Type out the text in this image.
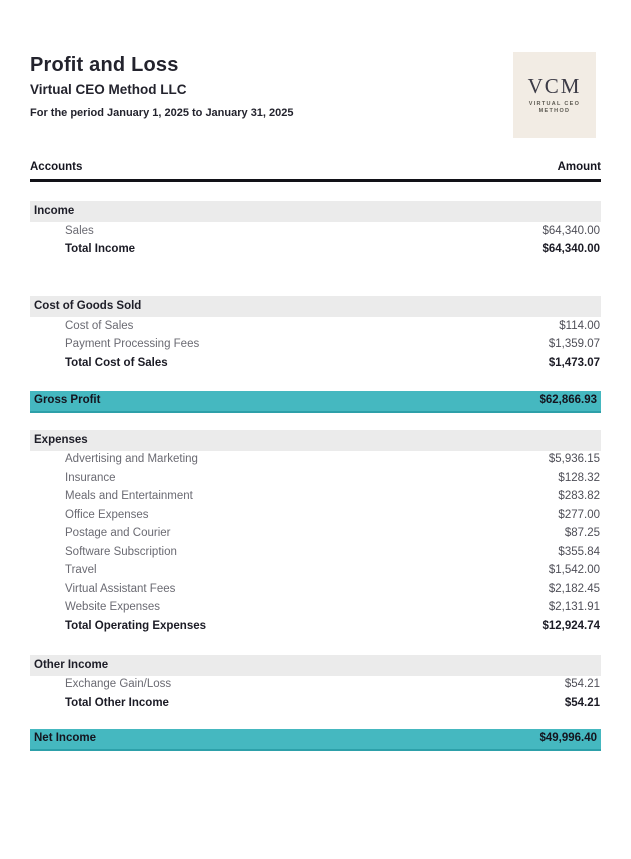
Profit and Loss
Virtual CEO Method LLC
For the period January 1, 2025 to January 31, 2025
VCM
VIRTUAL CEO
METHOD
Accounts	Amount
Income
Sales	$64,340.00
Total Income	$64,340.00
Cost of Goods Sold
Cost of Sales	$114.00
Payment Processing Fees	$1,359.07
Total Cost of Sales	$1,473.07
Gross Profit	$62,866.93
Expenses
Advertising and Marketing	$5,936.15
Insurance	$128.32
Meals and Entertainment	$283.82
Office Expenses	$277.00
Postage and Courier	$87.25
Software Subscription	$355.84
Travel	$1,542.00
Virtual Assistant Fees	$2,182.45
Website Expenses	$2,131.91
Total Operating Expenses	$12,924.74
Other Income
Exchange Gain/Loss	$54.21
Total Other Income	$54.21
Net Income	$49,996.40
